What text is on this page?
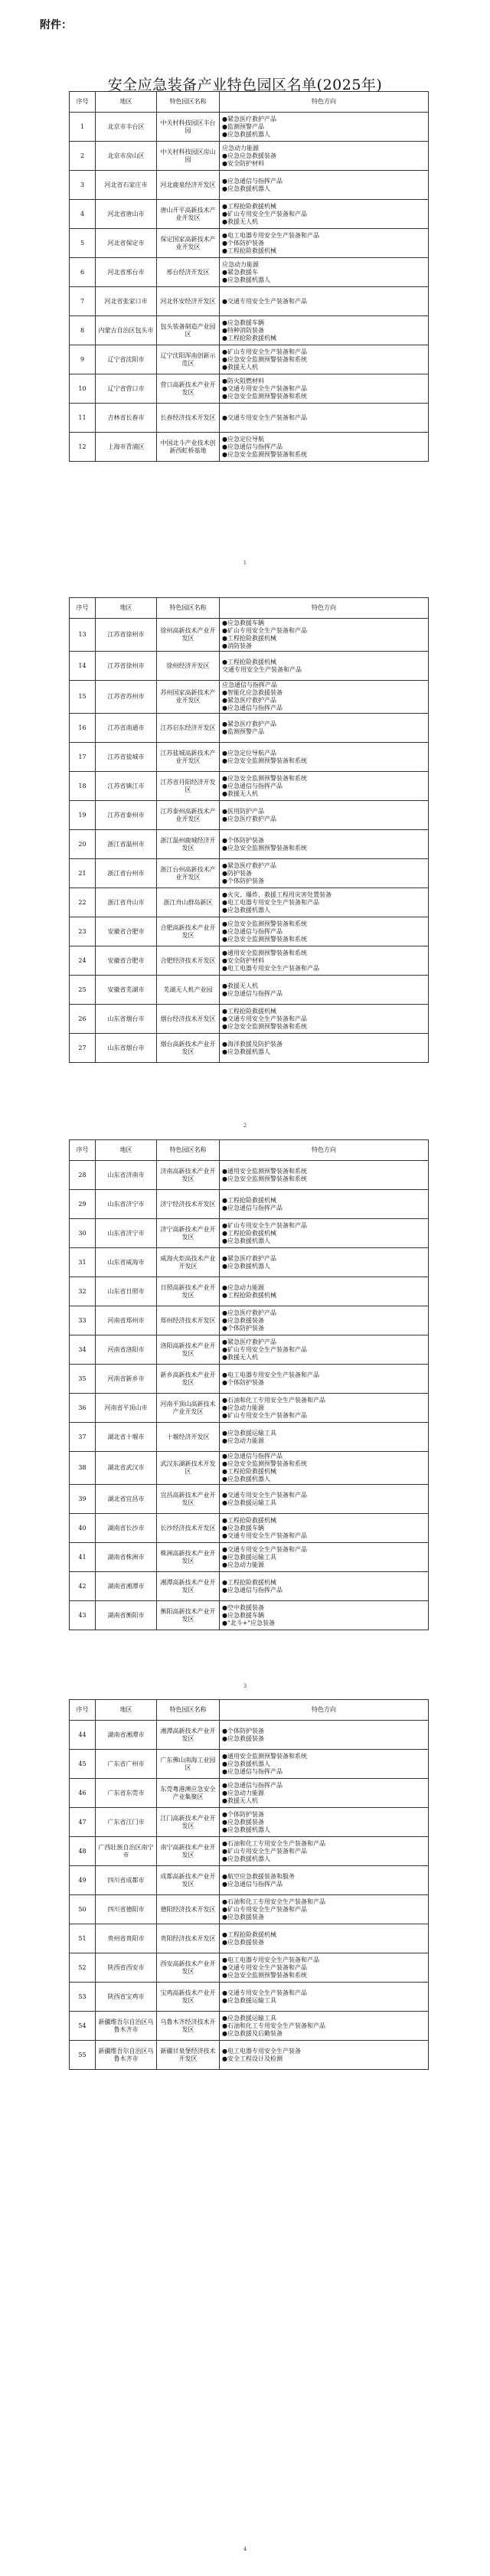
附件：
安全应急装备产业特色园区名单(2025年)
序号	地区	特色园区名称	特色方向
1	北京市丰台区	中关村科技园区丰台园	●紧急医疗救护产品
●监测预警产品
●应急救援机器人

2	北京市房山区	中关村科技园区房山园	应急动力能源
●应急应急救援装备
●安全防护材料

3	河北省石家庄市	河北鹿泉经济开发区	●应急通信与指挥产品
●应急救援机器人

4	河北省唐山市	唐山开平高新技术产业开发区	●工程抢险救援机械
●矿山专用安全生产装备和产品
●救援无人机

5	河北省保定市	保定国家高新技术产业开发区	●电工电器专用安全生产装备和产品
●个体防护装备
●工程抢险救援机械

6	河北省邢台市	邢台经济开发区	应急动力能源
●紧急救援车
●应急救援机器人

7	河北省张家口市	河北怀安经济开发区	●交通专用安全生产装备和产品

8	内蒙古自治区包头市	包头装备制造产业园区	●应急救援车辆
●特种消防装备
●工程抢险救援机械

9	辽宁省沈阳市	辽宁沈阳浑南创新示范区	●矿山专用安全生产装备和产品
●应急安全监测预警装备和系统
●救援无人机

10	辽宁省营口市	营口高新技术产业开发区	●防火阻燃材料
●交通专用安全生产装备和产品
●应急安全监测预警装备和系统

11	吉林省长春市	长春经济技术开发区	●交通专用安全生产装备和产品

12	上海市青浦区	中国北斗产业技术创新西虹桥基地	●应急定位导航
●应急通信与指挥产品
●应急安全监测预警装备和系统
1
序号	地区	特色园区名称	特色方向
13	江苏省徐州市	徐州高新技术产业开发区	●应急救援车辆
●矿山专用安全生产装备和产品
●工程抢险救援机械
●消防装备

14	江苏省徐州市	徐州经济开发区	●工程抢险救援机械
交通专用安全生产装备和产品

15	江苏省苏州市	苏州国家高新技术产业开发区	应急通信与指挥产品
●智能化应急救援装备
●紧急医疗救护产品
●应急通信与指挥产品

16	江苏省南通市	江苏启东经济开发区	●紧急医疗救护产品
●监测预警产品

17	江苏省盐城市	江苏盐城高新技术产业开发区	●应急定位导航产品
●应急安全监测预警装备和系统

18	江苏省镇江市	江苏省丹阳经济开发区	●应急安全监测预警装备和系统
●应急通信与指挥产品
●救援无人机

19	江苏省泰州市	江苏泰州高新技术产业开发区	●医用防护产品
●应急医疗救护产品

20	浙江省温州市	浙江温州鹿城经济开发区	●个体防护装备
●应急安全监测预警装备和系统

21	浙江省台州市	浙江台州高新技术产业开发区	●紧急医疗救护产品
●防护装备
●个体防护装备

22	浙江省舟山市	浙江舟山群岛新区	●火灾、爆炸、救援工程用灾害处置装备
●电工电器专用安全生产装备和产品
●应急救援机器人

23	安徽省合肥市	合肥高新技术产业开发区	●应急安全监测预警装备和系统
●应急通信与指挥产品
●应急安全监测预警装备和系统

24	安徽省合肥市	合肥经济技术开发区	●通用安全监测预警装备和系统
●安全防护材料
●电工电器专用安全生产装备和产品

25	安徽省芜湖市	芜湖无人机产业园	●救援无人机
●应急通信与指挥产品

26	山东省烟台市	烟台经济技术开发区	●工程抢险救援机械
●交通专用安全生产装备和产品
●应急安全监测预警装备和系统

27	山东省烟台市	烟台高新技术产业开发区	●海洋救援及防护装备
●应急救援机器人
2
序号	地区	特色园区名称	特色方向
28	山东省济南市	济南高新技术产业开发区	●通用安全监测预警装备和系统
●应急安全监测预警装备和系统

29	山东省济宁市	济宁经济技术开发区	●工程抢险救援机械
●应急通信与指挥产品

30	山东省济宁市	济宁高新技术产业开发区	●矿山专用安全生产装备和产品
●工程抢险救援机械
●应急救援机器人

31	山东省威海市	威海火炬高技术产业开发区	●紧急医疗救护产品
●应急救援机器人

32	山东省日照市	日照高新技术产业开发区	●应急动力能源
●工程抢险救援机械

33	河南省郑州市	郑州经济技术开发区	●应急医疗救护产品
●应急救援装备
●个体防护装备

34	河南省洛阳市	洛阳高新技术产业开发区	●紧急医疗救护产品
●矿山专用安全生产装备和产品
●救援无人机

35	河南省新乡市	新乡高新技术产业开发区	●电工电器专用安全生产装备和产品
●个体防护装备

36	河南省平顶山市	河南平顶山高新技术产业开发区	●石油和化工专用安全生产装备和产品
●应急动力能源
●矿山专用安全生产装备和产品

37	湖北省十堰市	十堰经济开发区	●应急救援运输工具
●应急动力能源

38	湖北省武汉市	武汉东湖新技术开发区	●应急通信与指挥产品
●应急安全监测预警装备和系统
●工程抢险救援机械
●应急救援机器人

39	湖北省宜昌市	宜昌高新技术产业开发区	●交通专用安全生产装备和产品
●应急救援运输工具

40	湖南省长沙市	长沙经济技术开发区	●工程抢险救援机械
●应急救援车辆
●交通专用安全生产装备和产品

41	湖南省株洲市	株洲高新技术产业开发区	●交通专用安全生产装备和产品
●应急救援运输工具
●应急动力能源

42	湖南省湘潭市	湘潭高新技术产业开发区	●工程抢险救援机械
●应急通信与指挥产品

43	湖南省衡阳市	衡阳高新技术产业开发区	●空中救援装备
●应急救援车辆
●"北斗+"应急装备
3
序号	地区	特色园区名称	特色方向
44	湖南省湘潭市	湘潭高新技术产业开发区	●个体防护装备
●应急救援装备

45	广东省广州市	广东佛山南海工业园区	●通用安全监测预警装备和系统
●应急救援机器人
●应急通信与指挥产品

46	广东省东莞市	东莞粤港澳应急安全产业集聚区	●应急通信与指挥产品
●应急动力能源
●救援无人机

47	广东省江门市	江门高新技术产业开发区	●个体防护装备
●应急救援装备
●应急救援机器人

48	广西壮族自治区南宁市	南宁高新技术产业开发区	●石油和化工专用安全生产装备和产品
●矿山专用安全生产装备和产品
●应急救援机器人

49	四川省成都市	成都高新技术产业开发区	●航空应急救援装备和服务
●应急通信与指挥产品

50	四川省德阳市	德阳经济技术开发区	●石油和化工专用安全生产装备和产品
●矿山专用安全生产装备和产品
●应急救援装备

51	贵州省贵阳市	贵阳经济技术开发区	●工程抢险救援机械
●应急救援装备

52	陕西省西安市	西安高新技术产业开发区	●电工电器专用安全生产装备和产品
●交通专用安全生产装备和产品
●应急安全监测预警装备和系统

53	陕西省宝鸡市	宝鸡高新技术产业开发区	●交通专用安全生产装备和产品
●应急救援运输工具

54	新疆维吾尔自治区乌鲁木齐市	乌鲁木齐经济技术开发区	●应急救援运输工具
●石油和化工专用安全生产装备和产品
●应急救援及后勤装备

55	新疆维吾尔自治区乌鲁木齐市	新疆甘泉堡经济技术开发区	●电工电器专用安全生产装备
●安全工程设计及检测
4
